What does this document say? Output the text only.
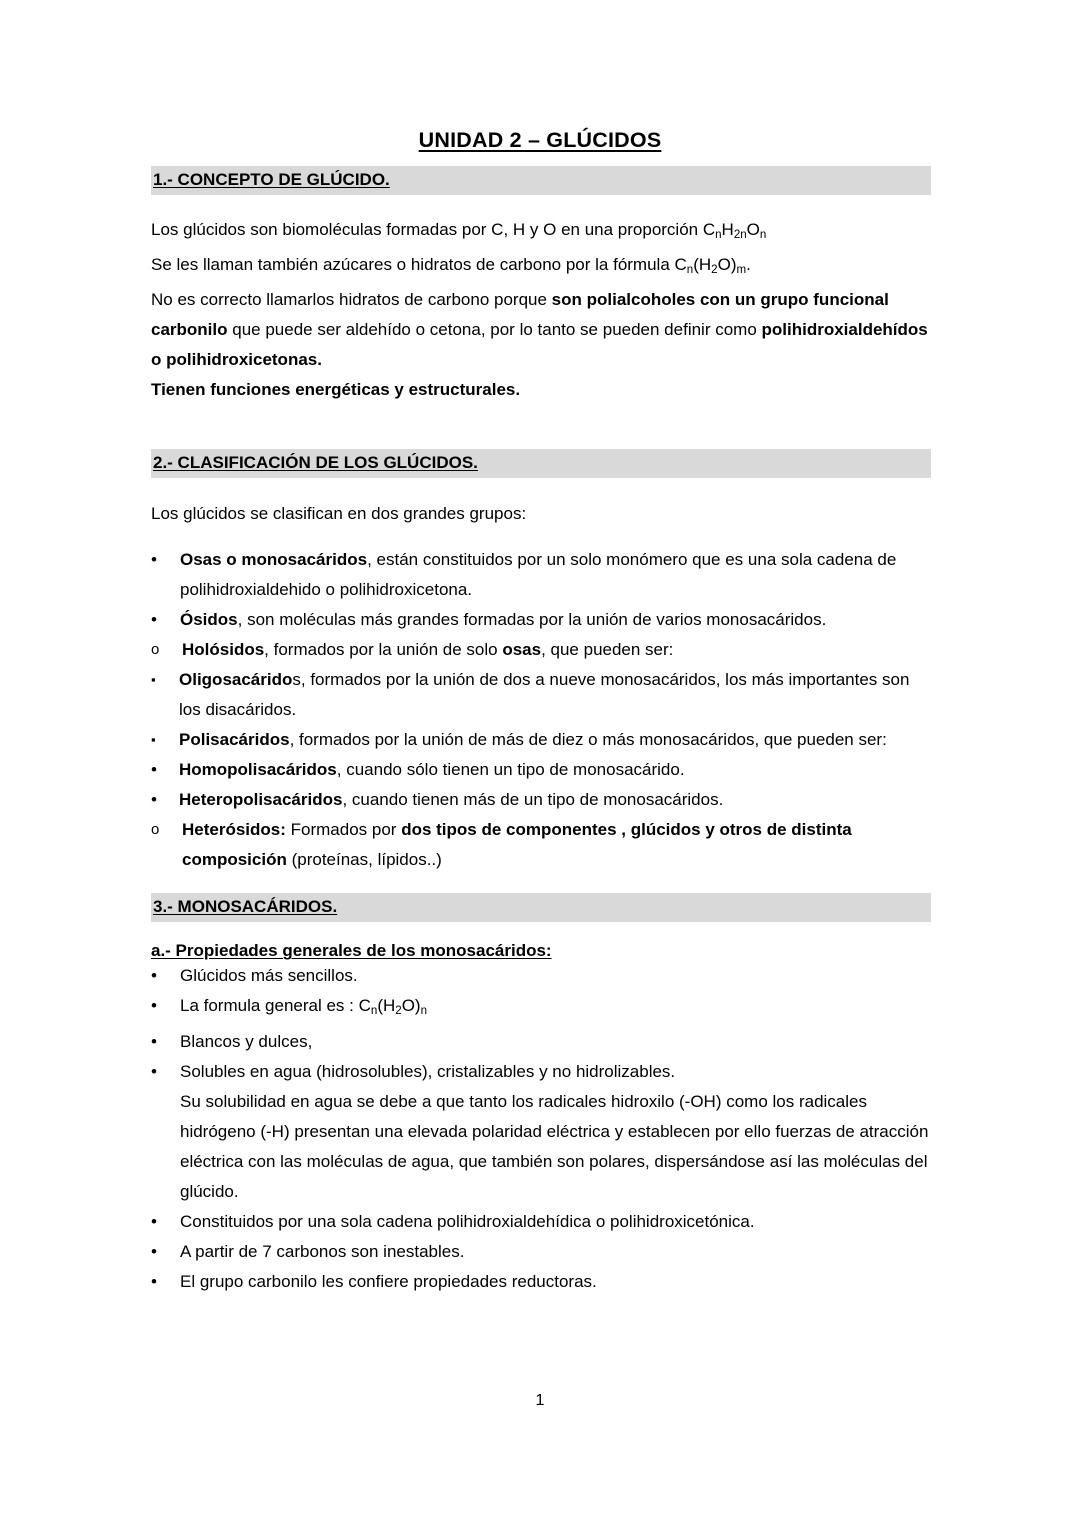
UNIDAD 2 – GLÚCIDOS
1.- CONCEPTO DE GLÚCIDO.

Los glúcidos son biomoléculas formadas por C, H y O en una proporción $C_nH_{2n}O_n$
Se les llaman también azúcares o hidratos de carbono por la fórmula $C_n(H_2O)_m$.
No es correcto llamarlos hidratos de carbono porque son polialcoholes con un grupo funcional carbonilo que puede ser aldehído o cetona, por lo tanto se pueden definir como polihidroxialdehídos o polihidroxicetonas.
Tienen funciones energéticas y estructurales.

2.- CLASIFICACIÓN DE LOS GLÚCIDOS.

Los glúcidos se clasifican en dos grandes grupos:

•	Osas o monosacáridos, están constituidos por un solo monómero que es una sola cadena de polihidroxialdehido o polihidroxicetona.
•	Ósidos, son moléculas más grandes formadas por la unión de varios monosacáridos.
o	Holósidos, formados por la unión de solo osas, que pueden ser:
▪	Oligosacáridos, formados por la unión de dos a nueve monosacáridos, los más importantes son los disacáridos.
▪	Polisacáridos, formados por la unión de más de diez o más monosacáridos, que pueden ser:
•	Homopolisacáridos, cuando sólo tienen un tipo de monosacárido.
•	Heteropolisacáridos, cuando tienen más de un tipo de monosacáridos.
o	Heterósidos: Formados por dos tipos de componentes , glúcidos y otros de distinta composición (proteínas, lípidos..)
3.- MONOSACÁRIDOS.

a.- Propiedades generales de los monosacáridos:

•	Glúcidos más sencillos.
•	La formula general es : $C_n(H_2O)_n$
•	Blancos y dulces,
•	Solubles en agua (hidrosolubles), cristalizables y no hidrolizables.
Su solubilidad en agua se debe a que tanto los radicales hidroxilo (-OH) como los radicales hidrógeno (-H) presentan una elevada polaridad eléctrica y establecen por ello fuerzas de atracción eléctrica con las moléculas de agua, que también son polares, dispersándose así las moléculas del glúcido.
•	Constituidos por una sola cadena polihidroxialdehídica o polihidroxicetónica.
•	A partir de 7 carbonos son inestables.
•	El grupo carbonilo les confiere propiedades reductoras.
1
